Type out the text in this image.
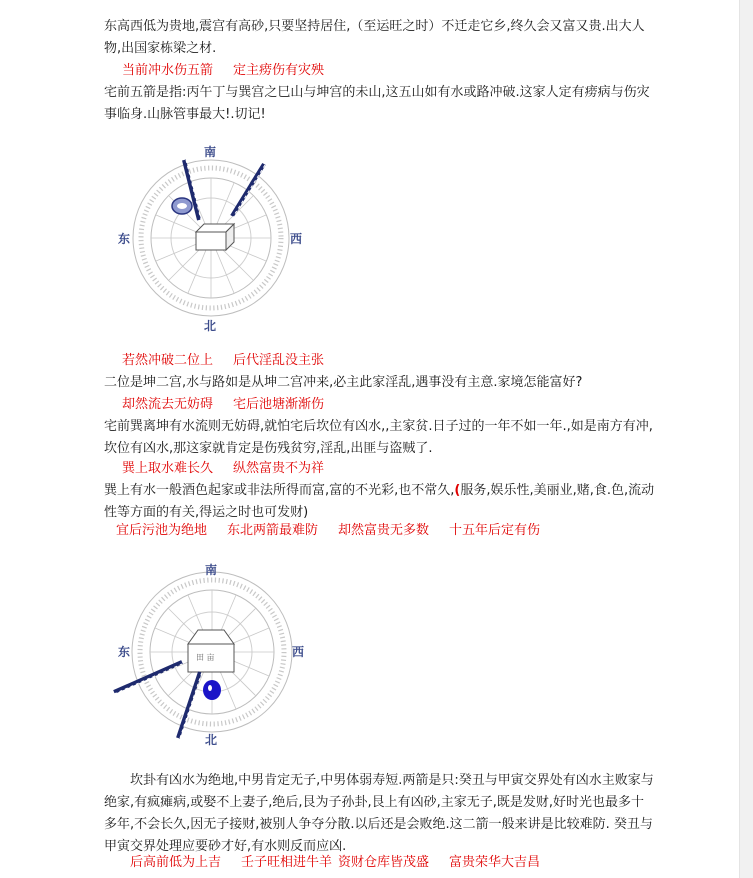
东高西低为贵地,震宫有高砂,只要坚持居住,（至运旺之时）不迁走它乡,终久会又富又贵.出大人物,出国家栋梁之材.

当前冲水伤五箭 定主痨伤有灾殃

宅前五箭是指:丙午丁与巽宫之巳山与坤宫的未山,这五山如有水或路冲破.这家人定有痨病与伤灾事临身.山脉管事最大!.切记!

若然冲破二位上 后代淫乱没主张

二位是坤二宫,水与路如是从坤二宫冲来,必主此家淫乱,遇事没有主意.家境怎能富好?

却然流去无妨碍 宅后池塘渐渐伤

宅前巽离坤有水流则无妨碍,就怕宅后坎位有凶水,,主家贫.日子过的一年不如一年.,如是南方有冲,坎位有凶水,那这家就肯定是伤残贫穷,淫乱,出匪与盗贼了.

巽上取水难长久 纵然富贵不为祥

巽上有水一般酒色起家或非法所得而富,富的不光彩,也不常久,(服务,娱乐性,美丽业,赌,食.色,流动性等方面的有关,得运之时也可发财)

宜后污池为绝地 东北两箭最难防 却然富贵无多数 十五年后定有伤

坎卦有凶水为绝地,中男肯定无子,中男体弱寿短.两箭是只:癸丑与甲寅交界处有凶水主败家与绝家,有疯瘫病,或娶不上妻子,绝后,艮为子孙卦,艮上有凶砂,主家无子,既是发财,好时光也最多十多年,不会长久,因无子接财,被别人争夺分散.以后还是会败绝.这二箭一般来讲是比较难防. 癸丑与甲寅交界处理应要砂才好,有水则反而应凶.

后高前低为上吉 壬子旺相进牛羊 资财仓库皆茂盛 富贵荣华大吉昌

南
东	西
北
南
东	西
北
田 亩
